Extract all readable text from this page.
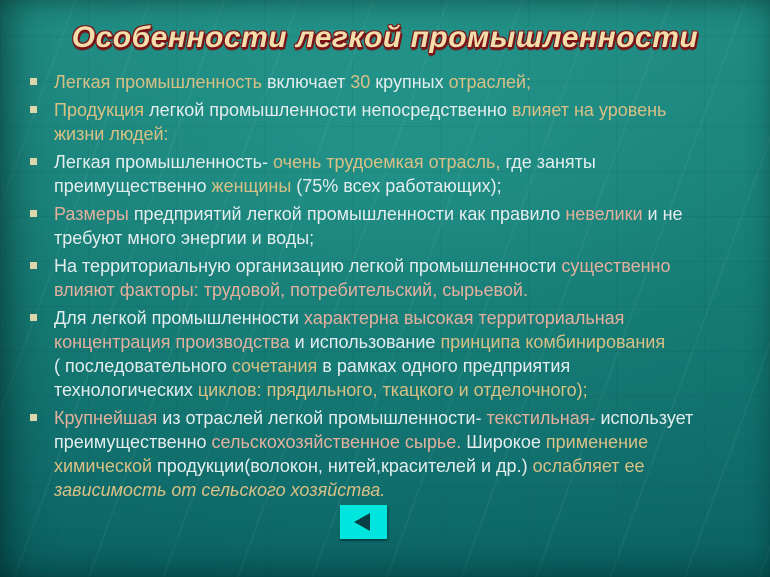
Особенности легкой промышленности
Легкая промышленность включает 30 крупных отраслей;
Продукция легкой промышленности непосредственно влияет на уровень
жизни людей:
Легкая промышленность- очень трудоемкая отрасль, где заняты
преимущественно женщины (75% всех работающих);
Размеры предприятий легкой промышленности как правило невелики и не
требуют много энергии и воды;
На территориальную организацию легкой промышленности существенно
влияют факторы: трудовой, потребительский, сырьевой.
Для легкой промышленности характерна высокая территориальная
концентрация производства и использование принципа комбинирования
( последовательного сочетания в рамках одного предприятия
технологических циклов: прядильного, ткацкого и отделочного);
Крупнейшая из отраслей легкой промышленности- текстильная- использует
преимущественно сельскохозяйственное сырье. Широкое применение
химической продукции(волокон, нитей,красителей и др.) ослабляет ее
зависимость от сельского хозяйства.
